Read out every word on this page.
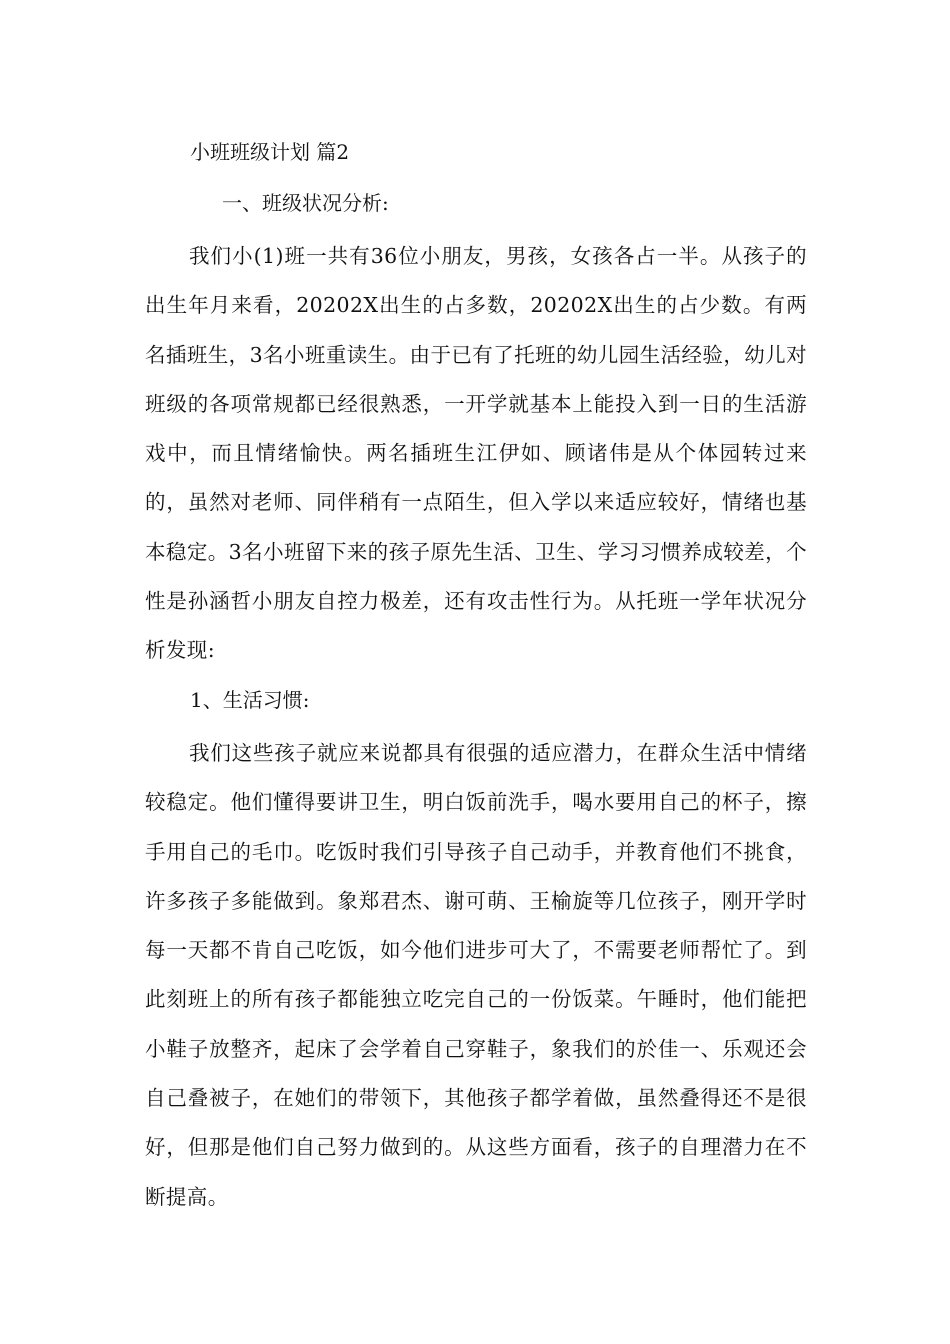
小班班级计划 篇2
一、班级状况分析:

我们小(1)班一共有36位小朋友，男孩，女孩各占一半。从孩子的出生年月来看，20202X出生的占多数，20202X出生的占少数。有两名插班生，3名小班重读生。由于已有了托班的幼儿园生活经验，幼儿对班级的各项常规都已经很熟悉，一开学就基本上能投入到一日的生活游戏中，而且情绪愉快。两名插班生江伊如、顾诸伟是从个体园转过来的，虽然对老师、同伴稍有一点陌生，但入学以来适应较好，情绪也基本稳定。3名小班留下来的孩子原先生活、卫生、学习习惯养成较差，个性是孙涵哲小朋友自控力极差，还有攻击性行为。从托班一学年状况分析发现:

1、生活习惯:

我们这些孩子就应来说都具有很强的适应潜力，在群众生活中情绪较稳定。他们懂得要讲卫生，明白饭前洗手，喝水要用自己的杯子，擦手用自己的毛巾。吃饭时我们引导孩子自己动手，并教育他们不挑食，许多孩子多能做到。象郑君杰、谢可萌、王榆旋等几位孩子，刚开学时每一天都不肯自己吃饭，如今他们进步可大了，不需要老师帮忙了。到此刻班上的所有孩子都能独立吃完自己的一份饭菜。午睡时，他们能把小鞋子放整齐，起床了会学着自己穿鞋子，象我们的於佳一、乐观还会自己叠被子，在她们的带领下，其他孩子都学着做，虽然叠得还不是很好，但那是他们自己努力做到的。从这些方面看，孩子的自理潜力在不断提高。
